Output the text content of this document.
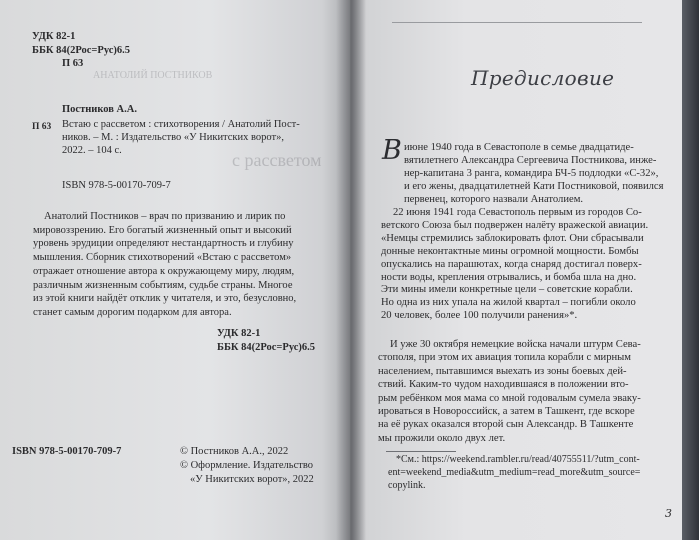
АНАТОЛИЙ ПОСТНИКОВ
с рассветом
УДК 82-1
ББК 84(2Рос=Рус)6.5
П 63
П 63
Постников А.А.
Встаю с рассветом : стихотворения / Анатолий Пост-
ников. – М. : Издательство «У Никитских ворот»,
2022. – 104 с.
ISBN 978-5-00170-709-7
Анатолий Постников – врач по призванию и лирик по
мировоззрению. Его богатый жизненный опыт и высокий
уровень эрудиции определяют нестандартность и глубину
мышления. Сборник стихотворений «Встаю с рассветом»
отражает отношение автора к окружающему миру, людям,
различным жизненным событиям, судьбе страны. Многое
из этой книги найдёт отклик у читателя, и это, безусловно,
станет самым дорогим подарком для автора.
УДК 82-1
ББК 84(2Рос=Рус)6.5
ISBN 978-5-00170-709-7	© Постников А.А., 2022
© Оформление. Издательство
«У Никитских ворот», 2022
Предисловие
В июне 1940 года в Севастополе в семье двадцатиде-
вятилетнего Александра Сергеевича Постникова, инже-
нер-капитана 3 ранга, командира БЧ-5 подлодки «С-32»,
и его жены, двадцатилетней Кати Постниковой, появился
первенец, которого назвали Анатолием.
22 июня 1941 года Севастополь первым из городов Со-
ветского Союза был подвержен налёту вражеской авиации.
«Немцы стремились заблокировать флот. Они сбрасывали
донные неконтактные мины огромной мощности. Бомбы
опускались на парашютах, когда снаряд достигал поверх-
ности воды, крепления отрывались, и бомба шла на дно.
Эти мины имели конкретные цели – советские корабли.
Но одна из них упала на жилой квартал – погибли около
20 человек, более 100 получили ранения»*.
И уже 30 октября немецкие войска начали штурм Сева-
стополя, при этом их авиация топила корабли с мирным
населением, пытавшимся выехать из зоны боевых дей-
ствий. Каким-то чудом находившаяся в положении вто-
рым ребёнком моя мама со мной годовалым сумела эваку-
ироваться в Новороссийск, а затем в Ташкент, где вскоре
на её руках оказался второй сын Александр. В Ташкенте
мы прожили около двух лет.
*См.: https://weekend.rambler.ru/read/40755511/?utm_cont-
ent=weekend_media&utm_medium=read_more&utm_source=
copylink.
3
